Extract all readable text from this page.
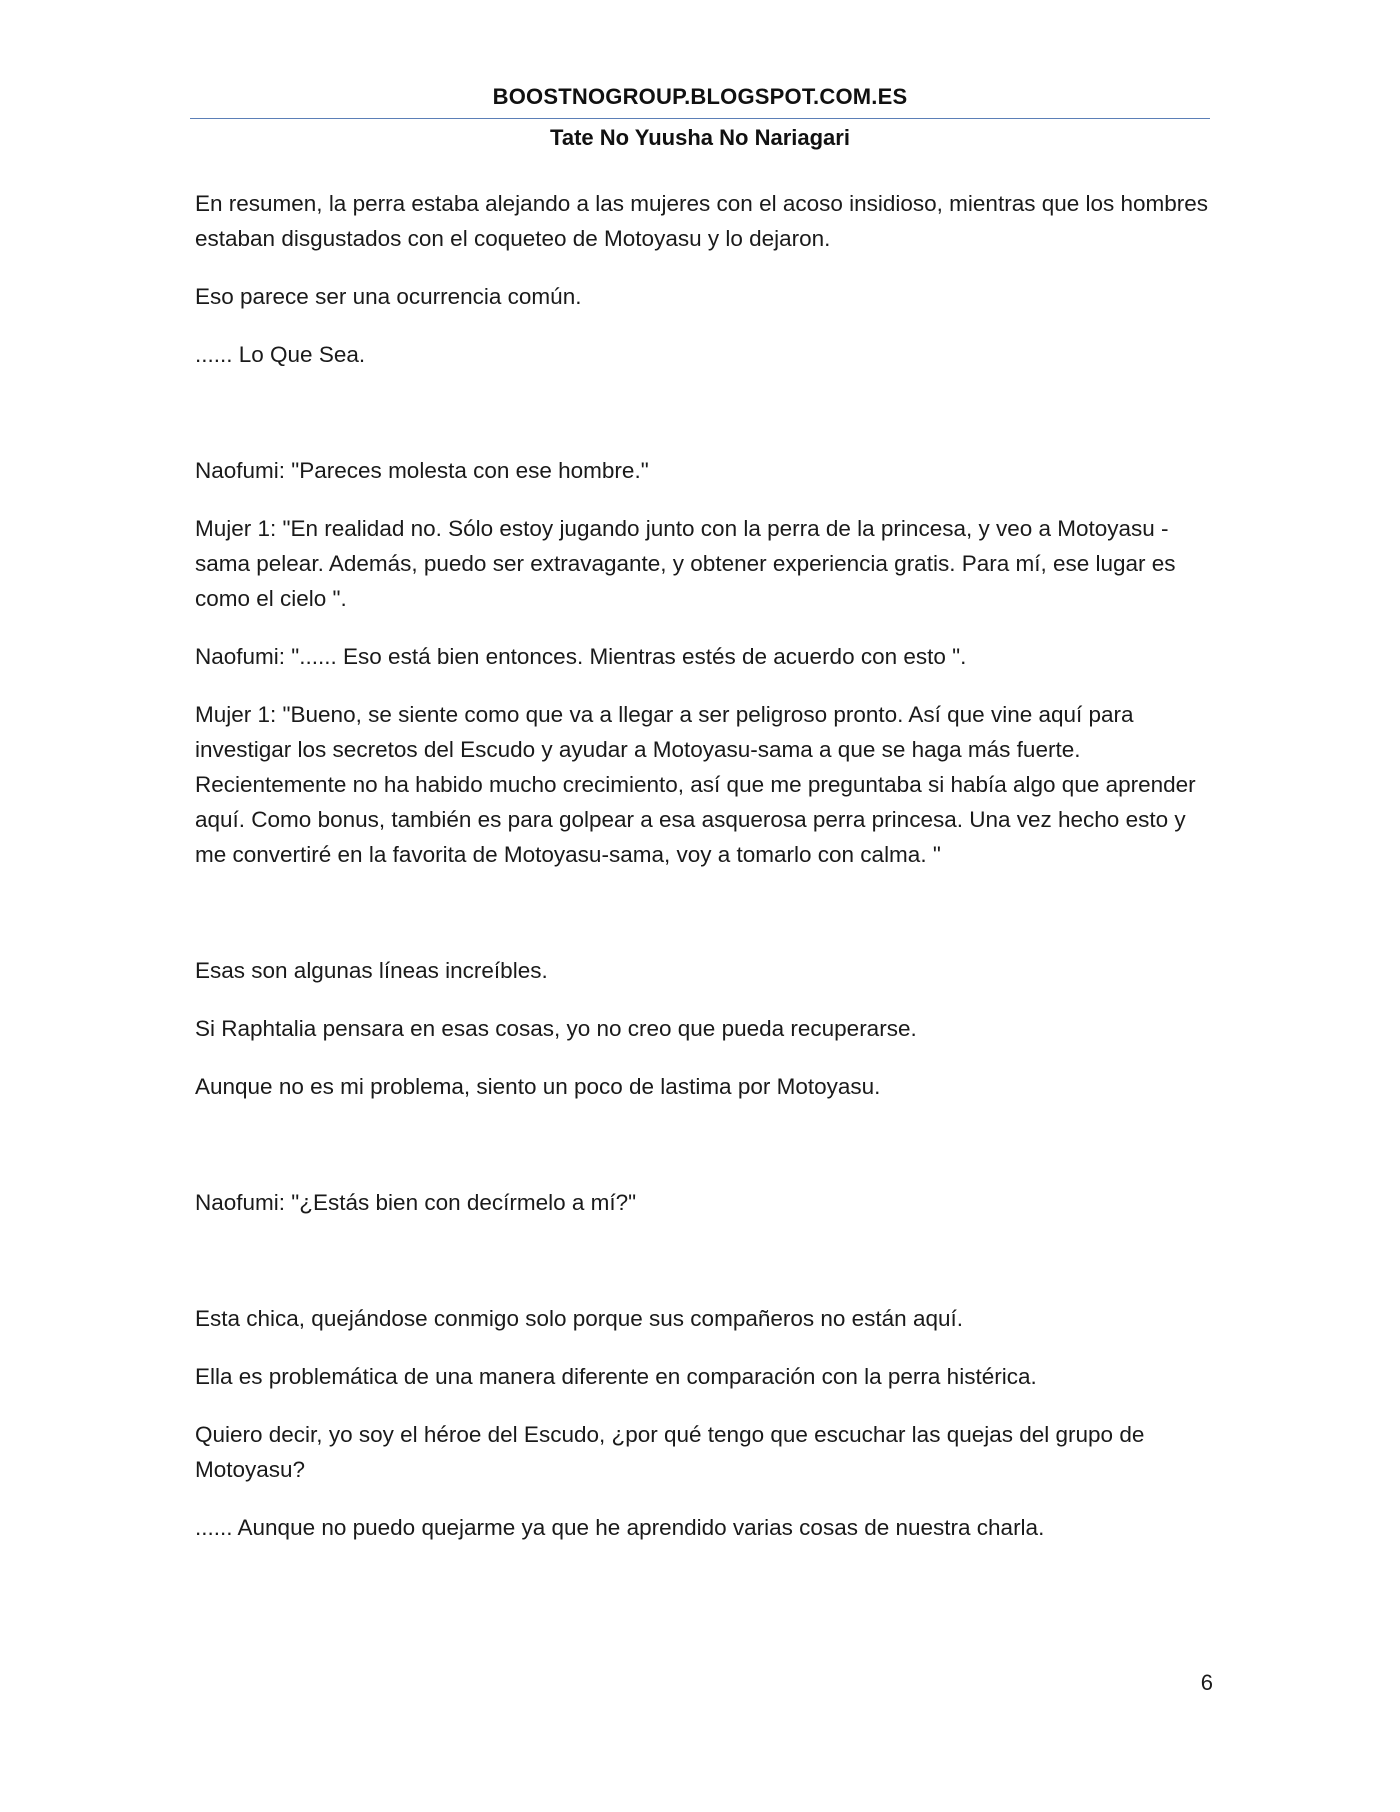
BOOSTNOGROUP.BLOGSPOT.COM.ES
Tate No Yuusha No Nariagari

En resumen, la perra estaba alejando a las mujeres con el acoso insidioso, mientras que los hombres estaban disgustados con el coqueteo de Motoyasu y lo dejaron.

Eso parece ser una ocurrencia común.

...... Lo Que Sea.

Naofumi: "Pareces molesta con ese hombre."

Mujer 1: "En realidad no. Sólo estoy jugando junto con la perra de la princesa, y veo a Motoyasu -sama pelear. Además, puedo ser extravagante, y obtener experiencia gratis. Para mí, ese lugar es como el cielo ".

Naofumi: "...... Eso está bien entonces. Mientras estés de acuerdo con esto ".

Mujer 1: "Bueno, se siente como que va a llegar a ser peligroso pronto. Así que vine aquí para investigar los secretos del Escudo y ayudar a Motoyasu-sama a que se haga más fuerte. Recientemente no ha habido mucho crecimiento, así que me preguntaba si había algo que aprender aquí. Como bonus, también es para golpear a esa asquerosa perra princesa. Una vez hecho esto y me convertiré en la favorita de Motoyasu-sama, voy a tomarlo con calma. "

Esas son algunas líneas increíbles.

Si Raphtalia pensara en esas cosas, yo no creo que pueda recuperarse.

Aunque no es mi problema, siento un poco de lastima por Motoyasu.

Naofumi: "¿Estás bien con decírmelo a mí?"

Esta chica, quejándose conmigo solo porque sus compañeros no están aquí.

Ella es problemática de una manera diferente en comparación con la perra histérica.

Quiero decir, yo soy el héroe del Escudo, ¿por qué tengo que escuchar las quejas del grupo de Motoyasu?

...... Aunque no puedo quejarme ya que he aprendido varias cosas de nuestra charla.

6
